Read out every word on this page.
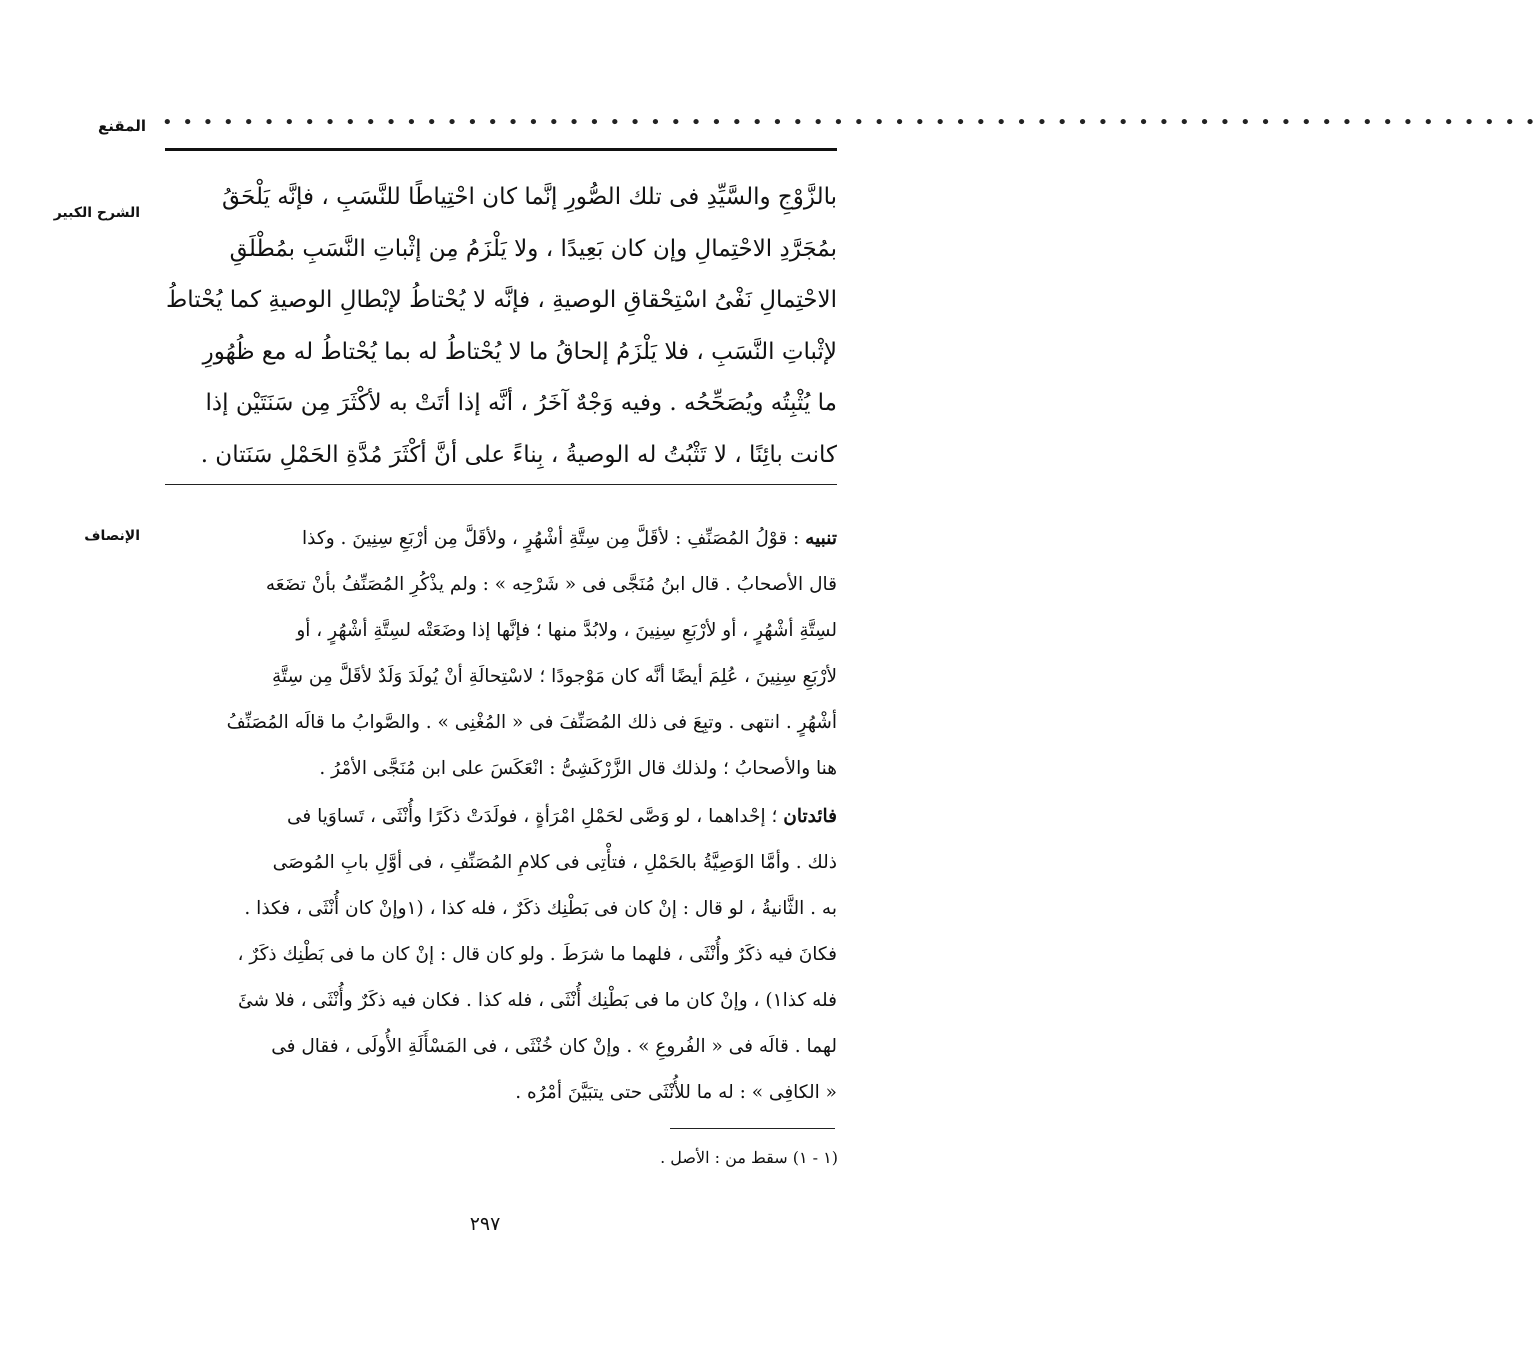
المقنع • • • • • • • • • • • • • • • • • • • • • • • • • • • • • • • • • • • • • • • • • • • • • • • • • • • • • • • • • • • • • • • • • • • •
الشرح الكبير
بالزَّوْجِ والسَّيِّدِ فى تلك الصُّورِ إنَّما كان احْتِياطًا للنَّسَبِ ، فإنَّه يَلْحَقُ
بمُجَرَّدِ الاحْتِمالِ وإن كان بَعِيدًا ، ولا يَلْزَمُ مِن إثْباتِ النَّسَبِ بمُطْلَقِ
الاحْتِمالِ نَفْىُ اسْتِحْقاقِ الوصيةِ ، فإنَّه لا يُحْتاطُ لإبْطالِ الوصيةِ كما يُحْتاطُ
لإثْباتِ النَّسَبِ ، فلا يَلْزَمُ إلحاقُ ما لا يُحْتاطُ له بما يُحْتاطُ له مع ظُهُورِ
ما يُثْبِتُه ويُصَحِّحُه . وفيه وَجْهٌ آخَرُ ، أنَّه إذا أتَتْ به لأكْثَرَ مِن سَنَتَيْن إذا
كانت بائِنًا ، لا تَثْبُتُ له الوصيةُ ، بِناءً على أنَّ أكْثَرَ مُدَّةِ الحَمْلِ سَنَتان .
الإنصاف	تنبيه : قوْلُ المُصَنِّفِ : لأقَلَّ مِن سِتَّةِ أشْهُرٍ ، ولأقَلَّ مِن أرْبَعِ سِنِينَ . وكذا
قال الأصحابُ . قال ابنُ مُنَجَّى فى « شَرْحِه » : ولم يذْكُرِ المُصَنِّفُ بأنْ تضَعَه
لسِتَّةِ أشْهُرٍ ، أو لأرْبَعِ سِنِينَ ، ولابُدَّ منها ؛ فإنَّها إذا وضَعَتْه لسِتَّةِ أشْهُرٍ ، أو
لأرْبَعِ سِنِينَ ، عُلِمَ أيضًا أنَّه كان مَوْجودًا ؛ لاسْتِحالَةِ أنْ يُولَدَ وَلَدٌ لأقَلَّ مِن سِتَّةِ
أشْهُرٍ . انتهى . وتبِعَ فى ذلك المُصَنِّفَ فى « المُغْنِى » . والصَّوابُ ما قالَه المُصَنِّفُ
هنا والأصحابُ ؛ ولذلك قال الزَّرْكَشِىُّ : انْعَكَسَ على ابن مُنَجَّى الأمْرُ .
فائدتان ؛ إحْداهما ، لو وَصَّى لحَمْلِ امْرَأةٍ ، فولَدَتْ ذكَرًا وأُنْثَى ، تَساوَيا فى
ذلك . وأمَّا الوَصِيَّةُ بالحَمْلِ ، فتأْتِى فى كلامِ المُصَنِّفِ ، فى أوَّلِ بابِ المُوصَى
به . الثَّانيةُ ، لو قال : إنْ كان فى بَطْنِك ذكَرٌ ، فله كذا ، (١وإنْ كان أُنْثَى ، فكذا .
فكانَ فيه ذكَرٌ وأُنْثَى ، فلهما ما شرَطَ . ولو كان قال : إنْ كان ما فى بَطْنِك ذكَرٌ ،
فله كذا١) ، وإنْ كان ما فى بَطْنِك أُنْثَى ، فله كذا . فكان فيه ذكَرٌ وأُنْثَى ، فلا شئَ
لهما . قالَه فى « الفُروعِ » . وإنْ كان خُنْثَى ، فى المَسْأَلَةِ الأُولَى ، فقال فى
« الكافِى » : له ما للأُنْثَى حتى يتبَيَّنَ أمْرُه .
(١ - ١) سقط من : الأصل .
٢٩٧
